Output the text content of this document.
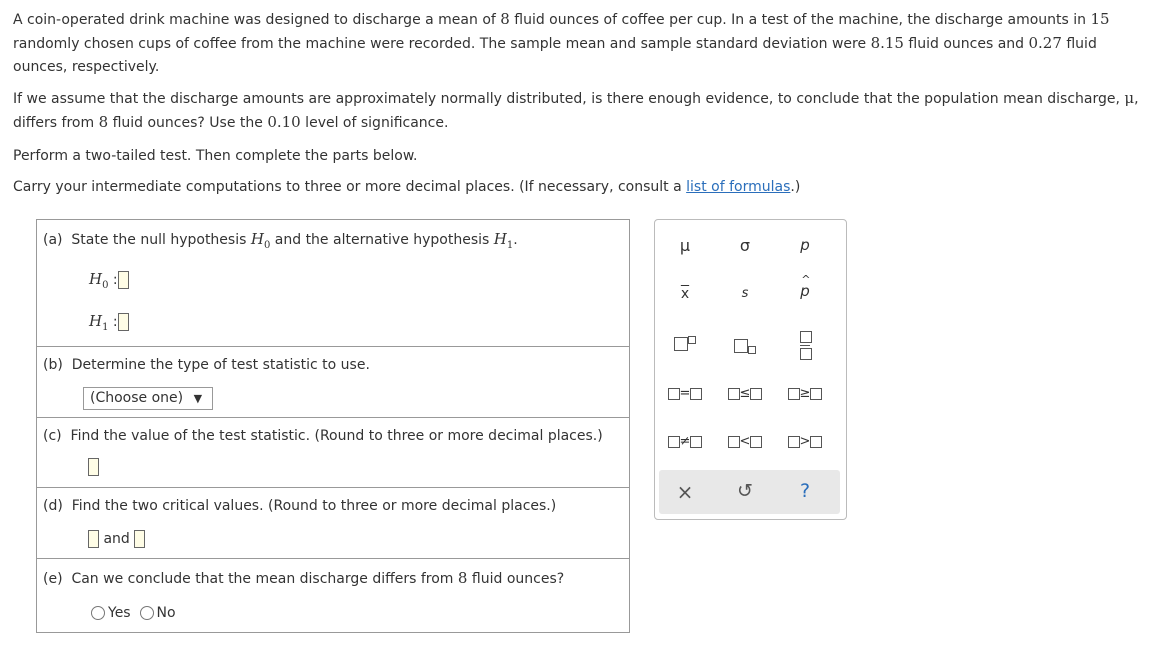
A coin-operated drink machine was designed to discharge a mean of 8 fluid ounces of coffee per cup. In a test of the machine, the discharge amounts in 15 randomly chosen cups of coffee from the machine were recorded. The sample mean and sample standard deviation were 8.15 fluid ounces and 0.27 fluid ounces, respectively.

If we assume that the discharge amounts are approximately normally distributed, is there enough evidence, to conclude that the population mean discharge, μ, differs from 8 fluid ounces? Use the 0.10 level of significance.

Perform a two-tailed test. Then complete the parts below.

Carry your intermediate computations to three or more decimal places. (If necessary, consult a list of formulas.)

(a) State the null hypothesis $H_0$ and the alternative hypothesis $H_1$.
$H_0$ :
$H_1$ :
(b) Determine the type of test statistic to use.
(Choose one) ▼
(c) Find the value of the test statistic. (Round to three or more decimal places.)
(d) Find the two critical values. (Round to three or more decimal places.)
and
(e) Can we conclude that the mean discharge differs from 8 fluid ounces?
Yes No
μ	σ	p
$\overline{x}$	s
^
p
=	≤	≥
≠	<	>
×	↺	?
